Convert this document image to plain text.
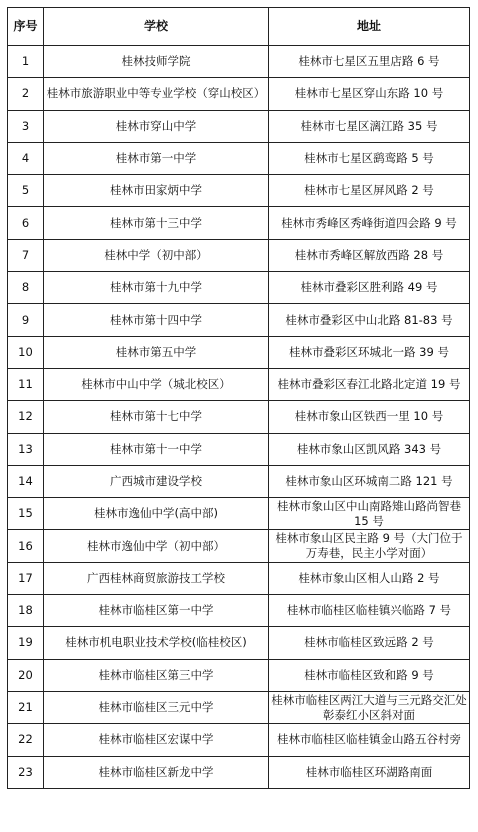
序号	学校	地址
1	桂林技师学院	桂林市七星区五里店路 6 号
2	桂林市旅游职业中等专业学校（穿山校区）	桂林市七星区穿山东路 10 号
3	桂林市穿山中学	桂林市七星区漓江路 35 号
4	桂林市第一中学	桂林市七星区鹞鸾路 5 号
5	桂林市田家炳中学	桂林市七星区屏风路 2 号
6	桂林市第十三中学	桂林市秀峰区秀峰街道四会路 9 号
7	桂林中学（初中部）	桂林市秀峰区解放西路 28 号
8	桂林市第十九中学	桂林市叠彩区胜利路 49 号
9	桂林市第十四中学	桂林市叠彩区中山北路 81-83 号
10	桂林市第五中学	桂林市叠彩区环城北一路 39 号
11	桂林市中山中学（城北校区）	桂林市叠彩区春江北路北定道 19 号
12	桂林市第十七中学	桂林市象山区铁西一里 10 号
13	桂林市第十一中学	桂林市象山区凯风路 343 号
14	广西城市建设学校	桂林市象山区环城南二路 121 号
15	桂林市逸仙中学(高中部)	桂林市象山区中山南路雉山路尚智巷 15 号
16	桂林市逸仙中学（初中部）	桂林市象山区民主路 9 号（大门位于万寿巷，民主小学对面）
17	广西桂林商贸旅游技工学校	桂林市象山区相人山路 2 号
18	桂林市临桂区第一中学	桂林市临桂区临桂镇兴临路 7 号
19	桂林市机电职业技术学校(临桂校区)	桂林市临桂区致远路 2 号
20	桂林市临桂区第三中学	桂林市临桂区致和路 9 号
21	桂林市临桂区三元中学	桂林市临桂区两江大道与三元路交汇处彰泰红小区斜对面
22	桂林市临桂区宏谋中学	桂林市临桂区临桂镇金山路五谷村旁
23	桂林市临桂区新龙中学	桂林市临桂区环湖路南面
